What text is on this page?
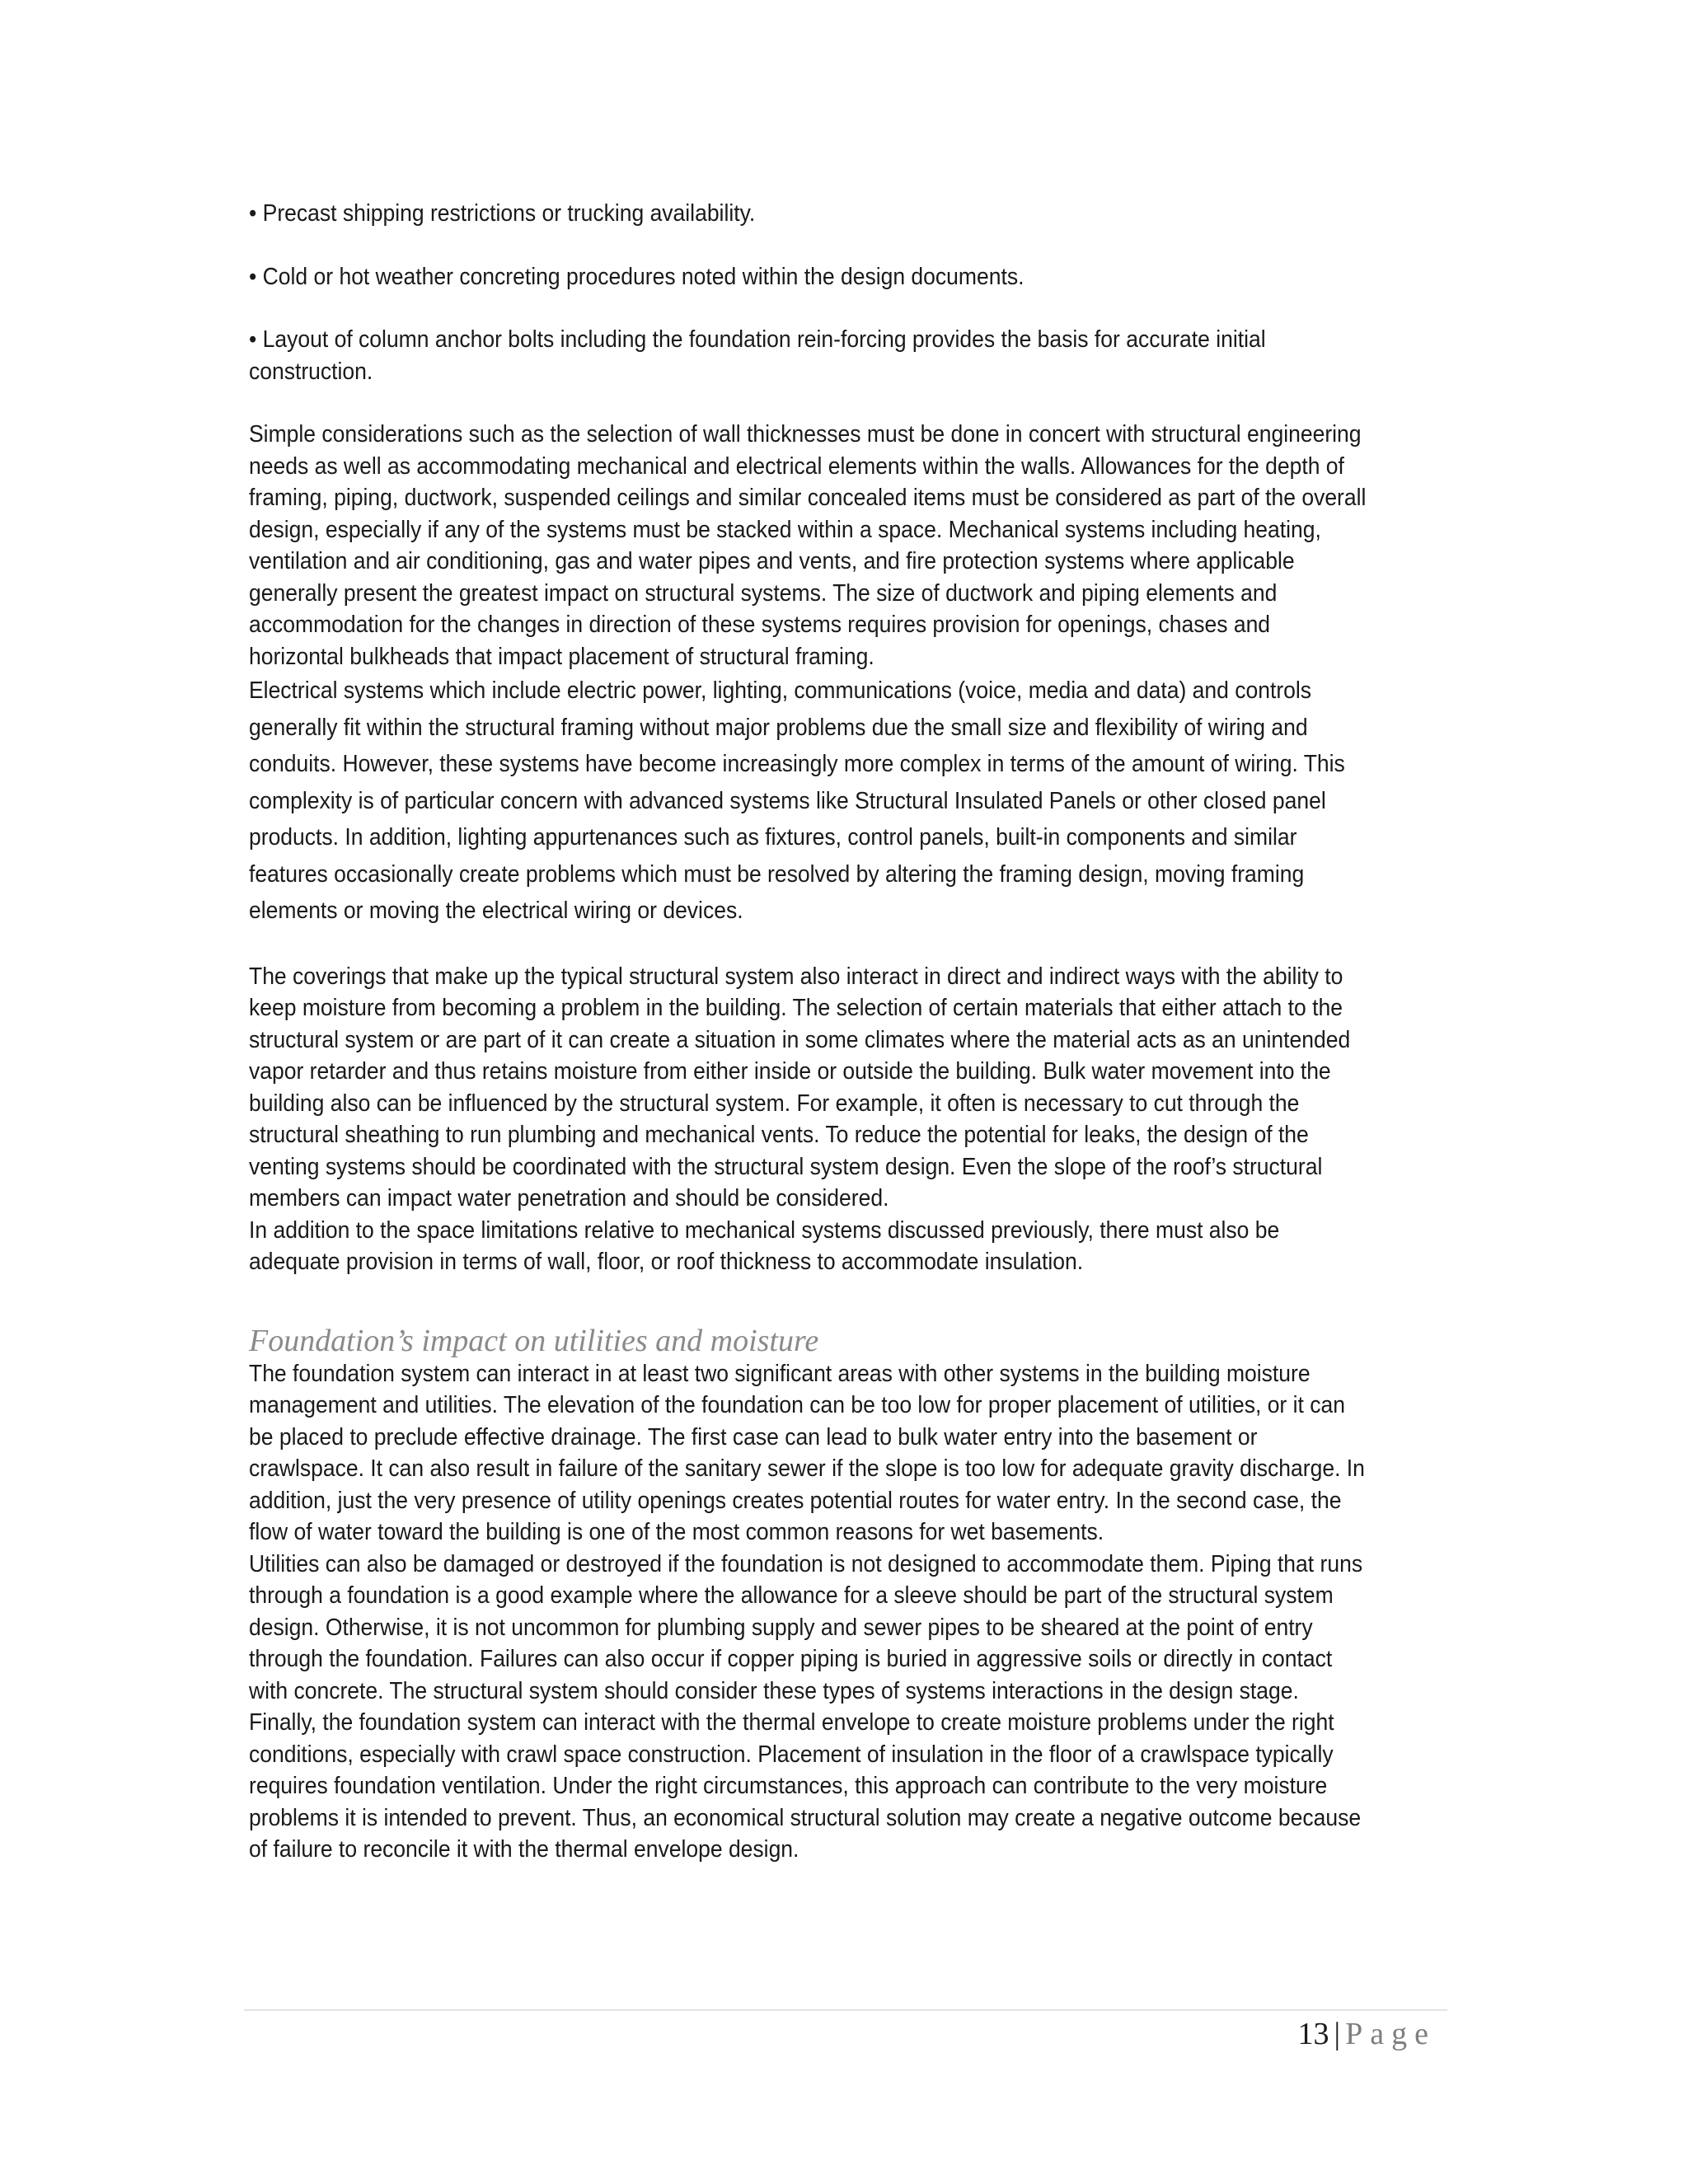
• Precast shipping restrictions or trucking availability.

• Cold or hot weather concreting procedures noted within the design documents.

• Layout of column anchor bolts including the foundation rein-forcing provides the basis for accurate initial construction.

Simple considerations such as the selection of wall thicknesses must be done in concert with structural engineering needs as well as accommodating mechanical and electrical elements within the walls. Allowances for the depth of framing, piping, ductwork, suspended ceilings and similar concealed items must be considered as part of the overall design, especially if any of the systems must be stacked within a space. Mechanical systems including heating, ventilation and air conditioning, gas and water pipes and vents, and fire protection systems where applicable generally present the greatest impact on structural systems. The size of ductwork and piping elements and accommodation for the changes in direction of these systems requires provision for openings, chases and horizontal bulkheads that impact placement of structural framing.

Electrical systems which include electric power, lighting, communications (voice, media and data) and controls generally fit within the structural framing without major problems due the small size and flexibility of wiring and conduits. However, these systems have become increasingly more complex in terms of the amount of wiring. This complexity is of particular concern with advanced systems like Structural Insulated Panels or other closed panel products. In addition, lighting appurtenances such as fixtures, control panels, built-in components and similar features occasionally create problems which must be resolved by altering the framing design, moving framing elements or moving the electrical wiring or devices.

The coverings that make up the typical structural system also interact in direct and indirect ways with the ability to keep moisture from becoming a problem in the building. The selection of certain materials that either attach to the structural system or are part of it can create a situation in some climates where the material acts as an unintended vapor retarder and thus retains moisture from either inside or outside the building. Bulk water movement into the building also can be influenced by the structural system. For example, it often is necessary to cut through the structural sheathing to run plumbing and mechanical vents. To reduce the potential for leaks, the design of the venting systems should be coordinated with the structural system design. Even the slope of the roof’s structural members can impact water penetration and should be considered.

In addition to the space limitations relative to mechanical systems discussed previously, there must also be adequate provision in terms of wall, floor, or roof thickness to accommodate insulation.

Foundation’s impact on utilities and moisture

The foundation system can interact in at least two significant areas with other systems in the building moisture management and utilities. The elevation of the foundation can be too low for proper placement of utilities, or it can be placed to preclude effective drainage. The first case can lead to bulk water entry into the basement or crawlspace. It can also result in failure of the sanitary sewer if the slope is too low for adequate gravity discharge. In addition, just the very presence of utility openings creates potential routes for water entry. In the second case, the flow of water toward the building is one of the most common reasons for wet basements.

Utilities can also be damaged or destroyed if the foundation is not designed to accommodate them. Piping that runs through a foundation is a good example where the allowance for a sleeve should be part of the structural system design. Otherwise, it is not uncommon for plumbing supply and sewer pipes to be sheared at the point of entry through the foundation. Failures can also occur if copper piping is buried in aggressive soils or directly in contact with concrete. The structural system should consider these types of systems interactions in the design stage.

Finally, the foundation system can interact with the thermal envelope to create moisture problems under the right conditions, especially with crawl space construction. Placement of insulation in the floor of a crawlspace typically requires foundation ventilation. Under the right circumstances, this approach can contribute to the very moisture problems it is intended to prevent. Thus, an economical structural solution may create a negative outcome because of failure to reconcile it with the thermal envelope design.

13 | Page
